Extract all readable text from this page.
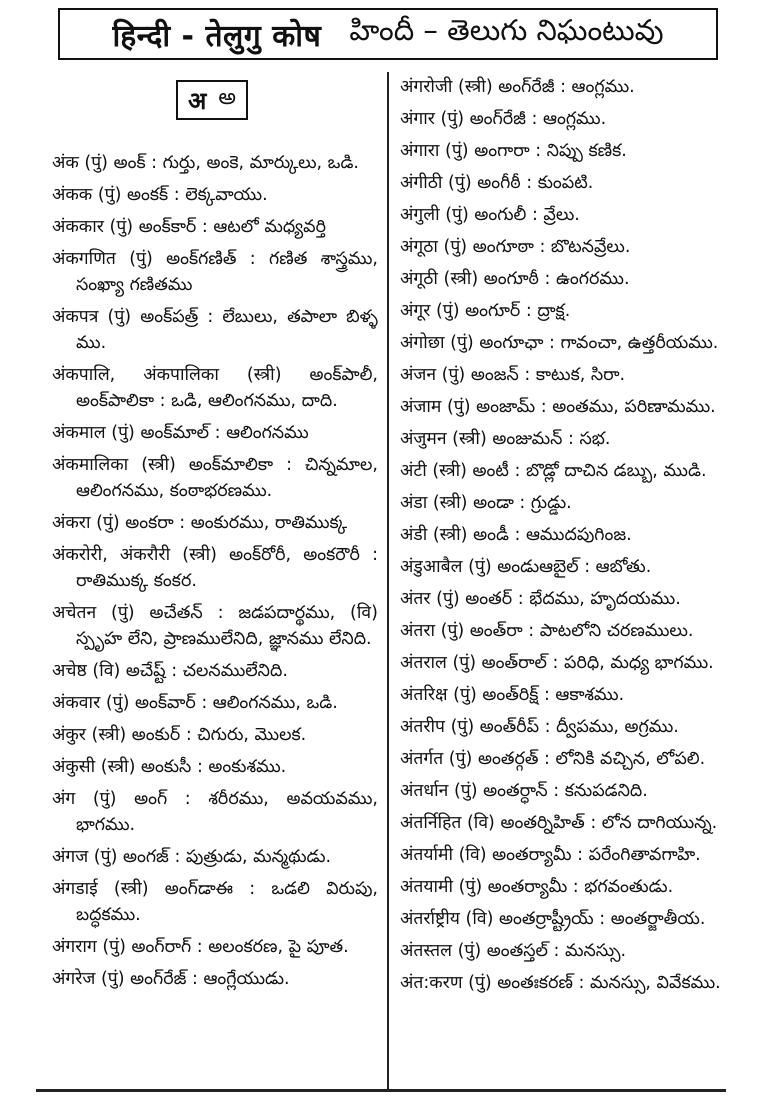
हिन्दी - तेलुगु कोष హిందీ – తెలుగు నిఘంటువు
अ అ
अंक (पुं) అంక్ : గుర్తు, అంకె, మార్కులు, ఒడి.
अंकक (पुं) అంకక్ : లెక్కవాయు.
अंककार (पुं) అంక్‌కార్ : ఆటలో మధ్యవర్తి
अंकगणित (पुं) అంక్‌గణిత్ : గణిత శాస్త్రము, సంఖ్యా గణితము
अंकपत्र (पुं) అంక్‌పత్ర్ : లేబులు, తపాలా బిళ్ళ ము.
अंकपालि, अंकपालिका (स्त्री) అంక్‌పాలీ, అంక్‌పాలికా : ఒడి, ఆలింగనము, దాది.
अंकमाल (पुं) అంక్‌మాల్ : ఆలింగనము
अंकमालिका (स्त्री) అంక్‌మాలికా : చిన్నమాల, ఆలింగనము, కంఠాభరణము.
अंकरा (पुं) అంకరా : అంకురము, రాతిముక్క
अंकरोरी, अंकरौरी (स्त्री) అంక్‌రోరీ, అంకరౌరీ : రాతిముక్క కంకర.
अचेतन (पुं) అచేతన్ : జడపదార్థము, (वि) స్పృహ లేని, ప్రాణములేనిది, జ్ఞానము లేనిది.
अचेष्ठ (वि) అచేష్ట్ : చలనములేనిది.
अंकवार (पुं) అంక్‌వార్ : ఆలింగనము, ఒడి.
अंकुर (स्त्री) అంకుర్ : చిగురు, మొలక.
अंकुसी (स्त्री) అంకుసీ : అంకుశము.
अंग (पुं) అంగ్ : శరీరము, అవయవము, భాగము.
अंगज (पुं) అంగజ్ : పుత్రుడు, మన్మథుడు.
अंगडाई (स्त्री) అంగ్‌డాఈ : ఒడలి విరుపు, బద్ధకము.
अंगराग (पुं) అంగ్‌రాగ్ : అలంకరణ, పై పూత.
अंगरेज (पुं) అంగ్‌రేజ్ : ఆంగ్లేయుడు.
अंगरोजी (स्त्री) అంగ్‌రేజీ : ఆంగ్లము.
अंगार (पुं) అంగ్‌రేజీ : ఆంగ్లము.
अंगारा (पुं) అంగారా : నిప్పు కణిక.
अंगीठी (पुं) అంగీఠీ : కుంపటి.
अंगुली (पुं) అంగులీ : వ్రేలు.
अंगूठा (पुं) అంగూఠా : బొటనవ్రేలు.
अंगूठी (स्त्री) అంగూఠీ : ఉంగరము.
अंगूर (पुं) అంగూర్ : ద్రాక్ష.
अंगोछा (पुं) అంగూఛా : గావంచా, ఉత్తరీయము.
अंजन (पुं) అంజన్ : కాటుక, సిరా.
अंजाम (पुं) అంజామ్ : అంతము, పరిణామము.
अंजुमन (स्त्री) అంజుమన్ : సభ.
अंटी (स्त्री) అంటీ : బొడ్లో దాచిన డబ్బు, ముడి.
अंडा (स्त्री) అండా : గ్రుడ్డు.
अंडी (स्त्री) అండీ : ఆముదపుగింజ.
अंडुआबैल (पुं) అండుఆబైల్ : ఆబోతు.
अंतर (पुं) అంతర్ : భేదము, హృదయము.
अंतरा (पुं) అంత్‌రా : పాటలోని చరణములు.
अंतराल (पुं) అంత్‌రాల్ : పరిధి, మధ్య భాగము.
अंतरिक्ष (पुं) అంత్‌రిక్ష్ : ఆకాశము.
अंतरीप (पुं) అంత్‌రీప్ : ద్వీపము, అగ్రము.
अंतर्गत (पुं) అంతర్గత్ : లోనికి వచ్చిన, లోపలి.
अंतर्धान (पुं) అంతర్ధాన్ : కనుపడనిది.
अंतर्निहित (वि) అంతర్నిహిత్ : లోన దాగియున్న.
अंतर्यामी (वि) అంతర్యామీ : పరేంగితావగాహి.
अंतयामी (पुं) అంతర్యామీ : భగవంతుడు.
अंतर्राष्ट्रीय (वि) అంతర్రాష్ట్రీయ్ : అంతర్జాతీయ.
अंतस्तल (पुं) అంతస్తల్ : మనస్సు.
अंत:करण (पुं) అంతఃకరణ్ : మనస్సు, వివేకము.
